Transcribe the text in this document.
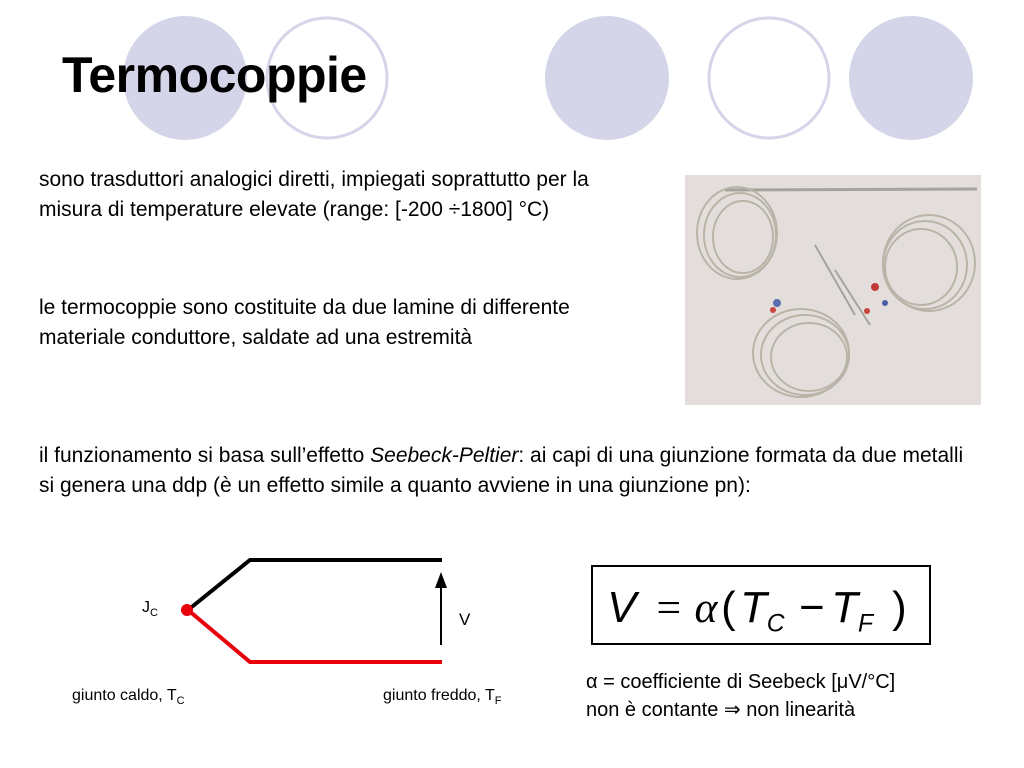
Termocoppie

sono trasduttori analogici diretti, impiegati soprattutto per la misura di temperature elevate (range: [-200 ÷1800] °C)

le termocoppie sono costituite da due lamine di differente materiale conduttore, saldate ad una estremità

il funzionamento si basa sull’effetto Seebeck-Peltier: ai capi di una giunzione formata da due metalli si genera una ddp (è un effetto simile a quanto avviene in una giunzione pn):

$J_C$	V
giunto caldo, $T_C$	giunto freddo, $T_F$
V = α ( $T_C - T_F$ )

α = coefficiente di Seebeck [μV/°C]
non è contante ⇒ non linearità
